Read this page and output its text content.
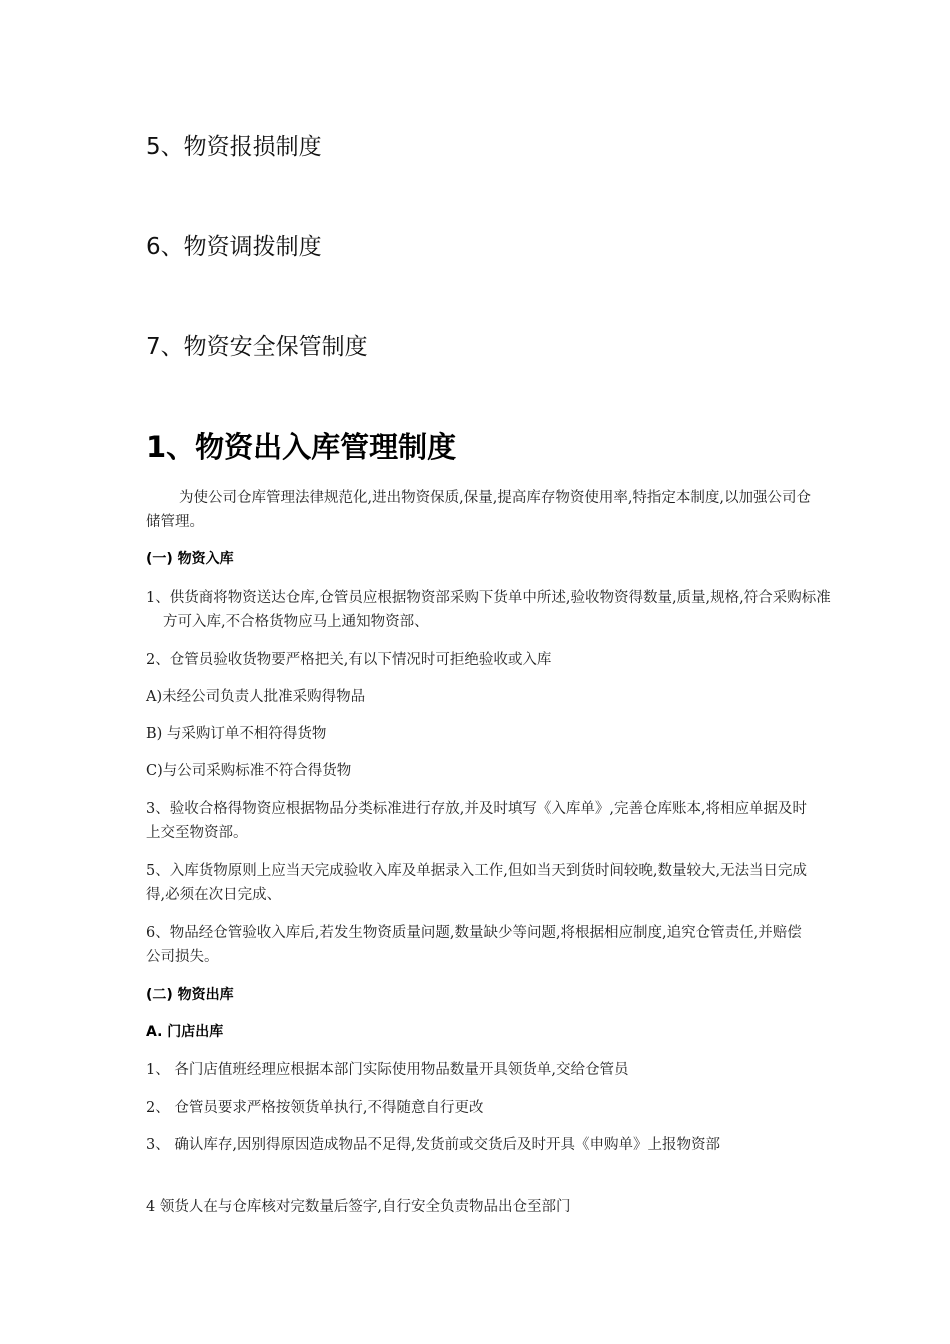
5、物资报损制度
6、物资调拨制度
7、物资安全保管制度
1、物资出入库管理制度
为使公司仓库管理法律规范化,进出物资保质,保量,提高库存物资使用率,特指定本制度,以加强公司仓储管理。
(一) 物资入库
1、供货商将物资送达仓库,仓管员应根据物资部采购下货单中所述,验收物资得数量,质量,规格,符合采购标准方可入库,不合格货物应马上通知物资部、
2、仓管员验收货物要严格把关,有以下情况时可拒绝验收或入库
A)未经公司负责人批准采购得物品
B) 与采购订单不相符得货物
C)与公司采购标准不符合得货物
3、验收合格得物资应根据物品分类标准进行存放,并及时填写《入库单》,完善仓库账本,将相应单据及时上交至物资部。
5、入库货物原则上应当天完成验收入库及单据录入工作,但如当天到货时间较晚,数量较大,无法当日完成得,必须在次日完成、
6、物品经仓管验收入库后,若发生物资质量问题,数量缺少等问题,将根据相应制度,追究仓管责任,并赔偿公司损失。
(二) 物资出库
A. 门店出库
1、 各门店值班经理应根据本部门实际使用物品数量开具领货单,交给仓管员
2、 仓管员要求严格按领货单执行,不得随意自行更改
3、 确认库存,因别得原因造成物品不足得,发货前或交货后及时开具《申购单》上报物资部
4 领货人在与仓库核对完数量后签字,自行安全负责物品出仓至部门
